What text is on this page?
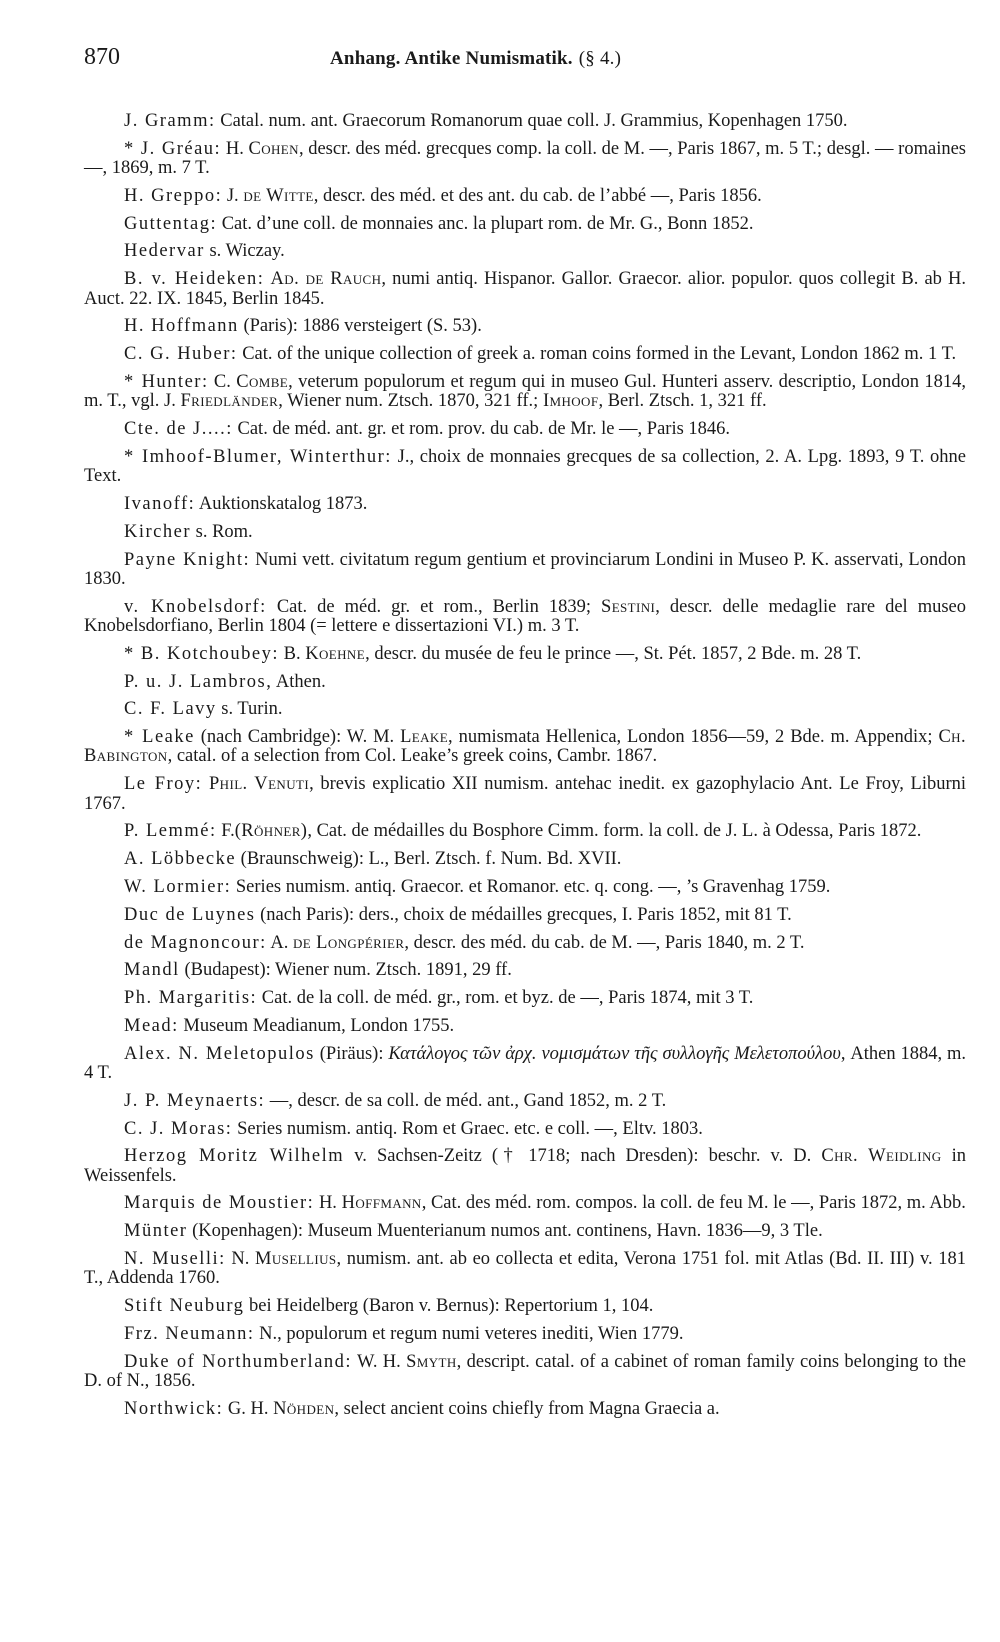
870	Anhang. Antike Numismatik. (§ 4.)

J. Gramm: Catal. num. ant. Graecorum Romanorum quae coll. J. Grammius, Kopenhagen 1750.

* J. Gréau: H. Cohen, descr. des méd. grecques comp. la coll. de M. —, Paris 1867, m. 5 T.; desgl. — romaines —, 1869, m. 7 T.

H. Greppo: J. de Witte, descr. des méd. et des ant. du cab. de l’abbé —, Paris 1856.

Guttentag: Cat. d’une coll. de monnaies anc. la plupart rom. de Mr. G., Bonn 1852.

Hedervar s. Wiczay.

B. v. Heideken: Ad. de Rauch, numi antiq. Hispanor. Gallor. Graecor. alior. populor. quos collegit B. ab H. Auct. 22. IX. 1845, Berlin 1845.

H. Hoffmann (Paris): 1886 versteigert (S. 53).

C. G. Huber: Cat. of the unique collection of greek a. roman coins formed in the Levant, London 1862 m. 1 T.

* Hunter: C. Combe, veterum populorum et regum qui in museo Gul. Hunteri asserv. descriptio, London 1814, m. T., vgl. J. Friedländer, Wiener num. Ztsch. 1870, 321 ff.; Imhoof, Berl. Ztsch. 1, 321 ff.

Cte. de J....: Cat. de méd. ant. gr. et rom. prov. du cab. de Mr. le —, Paris 1846.

* Imhoof-Blumer, Winterthur: J., choix de monnaies grecques de sa collection, 2. A. Lpg. 1893, 9 T. ohne Text.

Ivanoff: Auktionskatalog 1873.

Kircher s. Rom.

Payne Knight: Numi vett. civitatum regum gentium et provinciarum Londini in Museo P. K. asservati, London 1830.

v. Knobelsdorf: Cat. de méd. gr. et rom., Berlin 1839; Sestini, descr. delle medaglie rare del museo Knobelsdorfiano, Berlin 1804 (= lettere e dissertazioni VI.) m. 3 T.

* B. Kotchoubey: B. Koehne, descr. du musée de feu le prince —, St. Pét. 1857, 2 Bde. m. 28 T.

P. u. J. Lambros, Athen.

C. F. Lavy s. Turin.

* Leake (nach Cambridge): W. M. Leake, numismata Hellenica, London 1856—59, 2 Bde. m. Appendix; Ch. Babington, catal. of a selection from Col. Leake’s greek coins, Cambr. 1867.

Le Froy: Phil. Venuti, brevis explicatio XII numism. antehac inedit. ex gazophylacio Ant. Le Froy, Liburni 1767.

P. Lemmé: F.(Röhner), Cat. de médailles du Bosphore Cimm. form. la coll. de J. L. à Odessa, Paris 1872.

A. Löbbecke (Braunschweig): L., Berl. Ztsch. f. Num. Bd. XVII.

W. Lormier: Series numism. antiq. Graecor. et Romanor. etc. q. cong. —, ’s Gravenhag 1759.

Duc de Luynes (nach Paris): ders., choix de médailles grecques, I. Paris 1852, mit 81 T.

de Magnoncour: A. de Longpérier, descr. des méd. du cab. de M. —, Paris 1840, m. 2 T.

Mandl (Budapest): Wiener num. Ztsch. 1891, 29 ff.

Ph. Margaritis: Cat. de la coll. de méd. gr., rom. et byz. de —, Paris 1874, mit 3 T.

Mead: Museum Meadianum, London 1755.

Alex. N. Meletopulos (Piräus): Κατάλογος τῶν ἀρχ. νομισμάτων τῆς συλλογῆς Μελετοπούλου, Athen 1884, m. 4 T.

J. P. Meynaerts: —, descr. de sa coll. de méd. ant., Gand 1852, m. 2 T.

C. J. Moras: Series numism. antiq. Rom et Graec. etc. e coll. —, Eltv. 1803.

Herzog Moritz Wilhelm v. Sachsen-Zeitz († 1718; nach Dresden): beschr. v. D. Chr. Weidling in Weissenfels.

Marquis de Moustier: H. Hoffmann, Cat. des méd. rom. compos. la coll. de feu M. le —, Paris 1872, m. Abb.

Münter (Kopenhagen): Museum Muenterianum numos ant. continens, Havn. 1836—9, 3 Tle.

N. Muselli: N. Musellius, numism. ant. ab eo collecta et edita, Verona 1751 fol. mit Atlas (Bd. II. III) v. 181 T., Addenda 1760.

Stift Neuburg bei Heidelberg (Baron v. Bernus): Repertorium 1, 104.

Frz. Neumann: N., populorum et regum numi veteres inediti, Wien 1779.

Duke of Northumberland: W. H. Smyth, descript. catal. of a cabinet of roman family coins belonging to the D. of N., 1856.

Northwick: G. H. Nöhden, select ancient coins chiefly from Magna Graecia a.
